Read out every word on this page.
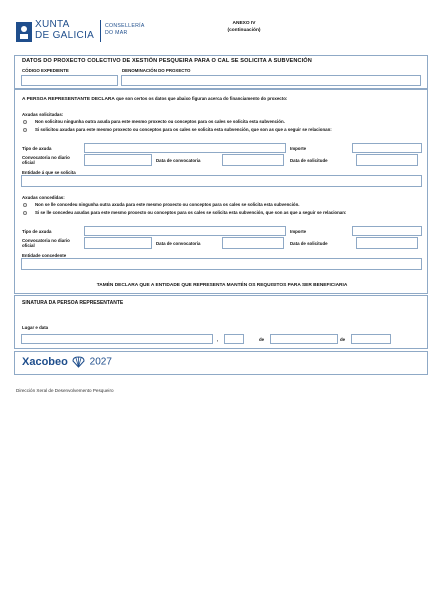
XUNTA
DE GALICIA
CONSELLERÍA
DO MAR
ANEXO IV
(continuación)
DATOS DO PROXECTO COLECTIVO DE XESTIÓN PESQUEIRA PARA O CAL SE SOLICITA A SUBVENCIÓN
CÓDIGO EXPEDIENTE	DENOMINACIÓN DO PROXECTO
A PERSOA REPRESENTANTE DECLARA que son certos os datos que abaixo figuran acerca do financiamento do proxecto:
Axudas solicitadas:
Non solicitou ningunha outra axuda para este mesmo proxecto ou conceptos para os cales se solicita esta subvención.
Si solicitou axudas para este mesmo proxecto ou conceptos para os cales se solicita esta subvención, que son as que a seguir se relacionan:
Tipo de axuda	Importe
Convocatoria no diario oficial	Data de convocatoria	Data de solicitude
Entidade á que se solicita
Axudas concedidas:
Non se lle concedeu ningunha outra axuda para este mesmo proxecto ou conceptos para os cales se solicita esta subvención.
Si se lle concedeu axudas para este mesmo proxecto ou conceptos para os cales se solicita esta subvención, que son as que a seguir se relacionan:
Tipo de axuda	Importe
Convocatoria no diario oficial	Data de convocatoria	Data de solicitude
Entidade concedente
TAMÉN DECLARA QUE A ENTIDADE QUE REPRESENTA MANTÉN OS REQUISITOS PARA SER BENEFICIARIA
SINATURA DA PERSOA REPRESENTANTE
Lugar e data
,	de	de
Xacobeo 2027
Dirección Xeral de Desenvolvemento Pesqueiro
